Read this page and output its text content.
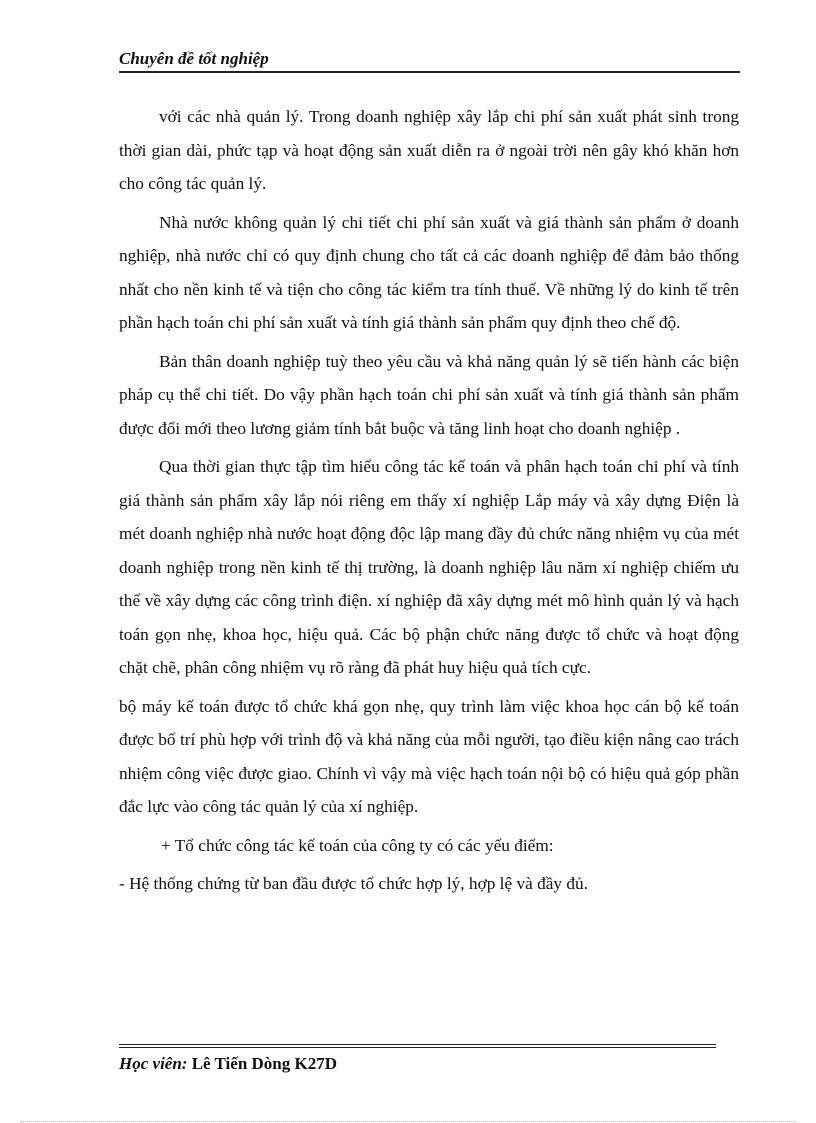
Chuyên đề tốt nghiệp

với các nhà quản lý. Trong doanh nghiệp xây lắp chi phí sản xuất phát sinh trong thời gian dài, phức tạp và hoạt động sản xuất diễn ra ở ngoài trời nên gây khó khăn hơn cho công tác quản lý.

Nhà nước không quản lý chi tiết chi phí sản xuất và giá thành sản phẩm ở doanh nghiệp, nhà nước chỉ có quy định chung cho tất cả các doanh nghiệp để đảm bảo thống nhất cho nền kinh tế và tiện cho công tác kiểm tra tính thuế. Về những lý do kinh tế trên phần hạch toán chi phí sản xuất và tính giá thành sản phẩm quy định theo chế độ.

Bản thân doanh nghiệp tuỳ theo yêu cầu và khả năng quản lý sẽ tiến hành các biện pháp cụ thể chi tiết. Do vậy phần hạch toán chi phí sản xuất và tính giá thành sản phẩm được đổi mới theo lương giảm tính bắt buộc và tăng linh hoạt cho doanh nghiệp .

Qua thời gian thực tập tìm hiểu công tác kế toán và phân hạch toán chi phí và tính giá thành sản phẩm xây lắp nói riêng em thấy xí nghiệp Lắp máy và xây dựng Điện là mét doanh nghiệp nhà nước hoạt động độc lập mang đầy đủ chức năng nhiệm vụ của mét doanh nghiệp trong nền kinh tế thị trường, là doanh nghiệp lâu năm xí nghiệp chiếm ưu thế về xây dựng các công trình điện. xí nghiệp đã xây dựng mét mô hình quản lý và hạch toán gọn nhẹ, khoa học, hiệu quả. Các bộ phận chức năng được tổ chức và hoạt động chặt chẽ, phân công nhiệm vụ rõ ràng đã phát huy hiệu quả tích cực.

bộ máy kế toán được tổ chức khá gọn nhẹ, quy trình làm việc khoa học cán bộ kế toán được bố trí phù hợp với trình độ và khả năng của mỗi người, tạo điều kiện nâng cao trách nhiệm công việc được giao. Chính vì vậy mà việc hạch toán nội bộ có hiệu quả góp phần đắc lực vào công tác quản lý của xí nghiệp.

+ Tổ chức công tác kế toán của công ty có các yếu điểm:

- Hệ thống chứng từ ban đầu được tổ chức hợp lý, hợp lệ và đầy đủ.

Học viên: Lê Tiến Dòng K27D
